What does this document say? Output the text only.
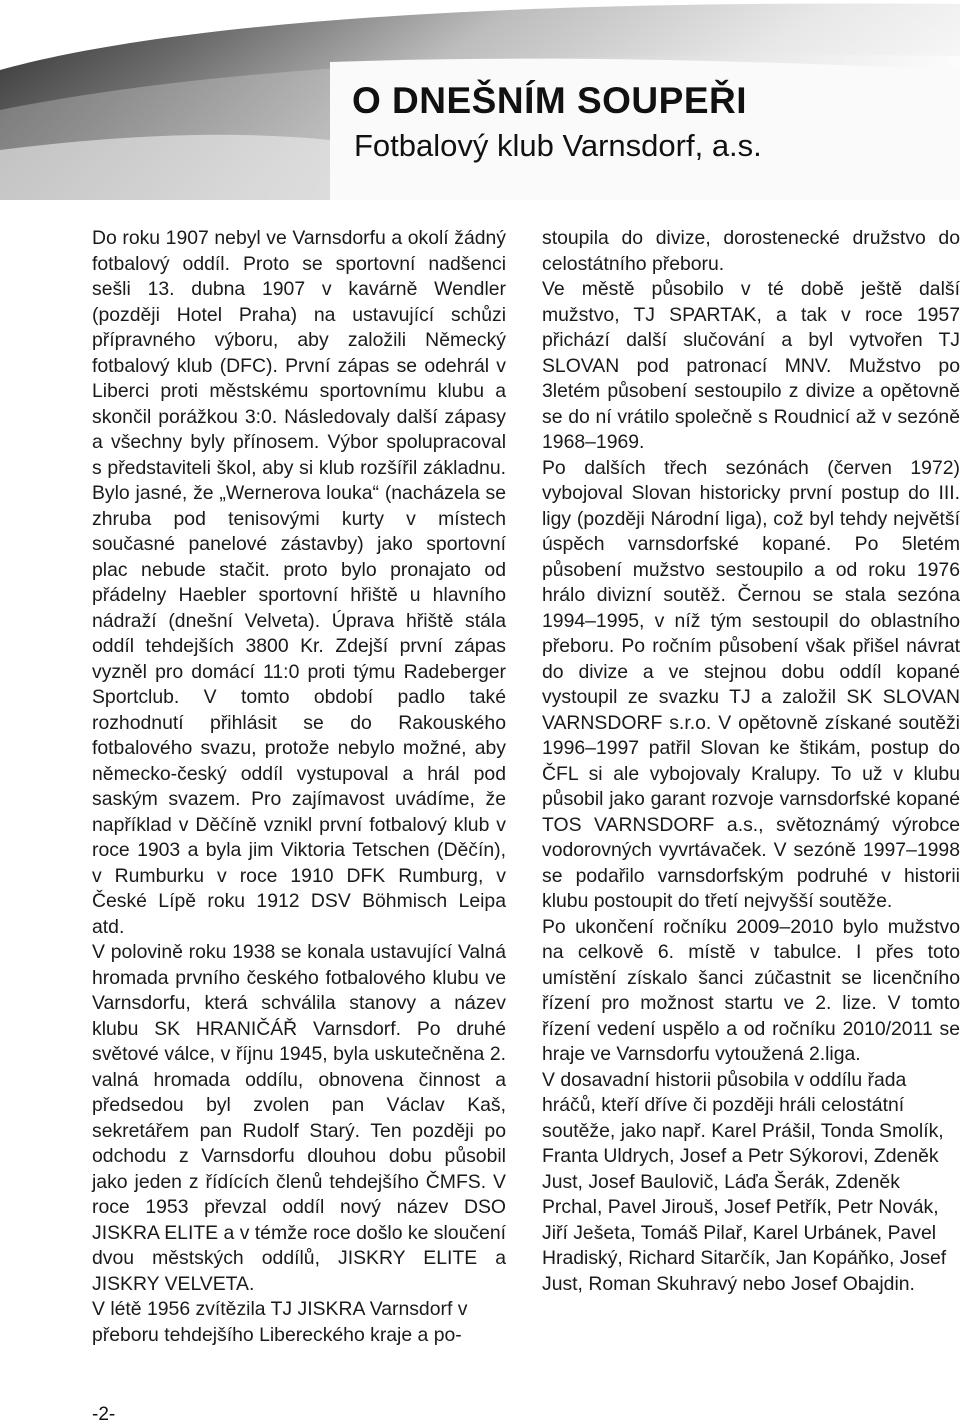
O DNEŠNÍM SOUPEŘI
Fotbalový klub Varnsdorf, a.s.

Do roku 1907 nebyl ve Varnsdorfu a okolí žádný fotbalový oddíl. Proto se sportovní nadšenci sešli 13. dubna 1907 v kavárně Wendler (později Hotel Praha) na ustavující schůzi přípravného výboru, aby založili Německý fotbalový klub (DFC). První zápas se odehrál v Liberci proti městskému sportovnímu klubu a skončil porážkou 3:0. Následovaly další zápasy a všechny byly přínosem. Výbor spolupracoval s představiteli škol, aby si klub rozšířil základnu. Bylo jasné, že „Wernerova louka“ (nacházela se zhruba pod tenisovými kurty v místech současné panelové zástavby) jako sportovní plac nebude stačit. proto bylo pronajato od přádelny Haebler sportovní hřiště u hlavního nádraží (dnešní Velveta). Úprava hřiště stála oddíl tehdejších 3800 Kr. Zdejší první zápas vyzněl pro domácí 11:0 proti týmu Radeberger Sportclub. V tomto období padlo také rozhodnutí přihlásit se do Rakouského fotbalového svazu, protože nebylo možné, aby německo-český oddíl vystupoval a hrál pod saským svazem. Pro zajímavost uvádíme, že například v Děčíně vznikl první fotbalový klub v roce 1903 a byla jim Viktoria Tetschen (Děčín), v Rumburku v roce 1910 DFK Rumburg, v České Lípě roku 1912 DSV Böhmisch Leipa atd.

V polovině roku 1938 se konala ustavující Valná hromada prvního českého fotbalového klubu ve Varnsdorfu, která schválila stanovy a název klubu SK HRANIČÁŘ Varnsdorf. Po druhé světové válce, v říjnu 1945, byla uskutečněna 2. valná hromada oddílu, obnovena činnost a předsedou byl zvolen pan Václav Kaš, sekretářem pan Rudolf Starý. Ten později po odchodu z Varnsdorfu dlouhou dobu působil jako jeden z řídících členů tehdejšího ČMFS. V roce 1953 převzal oddíl nový název DSO JISKRA ELITE a v témže roce došlo ke sloučení dvou městských oddílů, JISKRY ELITE a JISKRY VELVETA.

V létě 1956 zvítězila TJ JISKRA Varnsdorf v přeboru tehdejšího Libereckého kraje a po-

stoupila do divize, dorostenecké družstvo do celostátního přeboru.

Ve městě působilo v té době ještě další mužstvo, TJ SPARTAK, a tak v roce 1957 přichází další slučování a byl vytvořen TJ SLOVAN pod patronací MNV. Mužstvo po 3letém působení sestoupilo z divize a opětovně se do ní vrátilo společně s Roudnicí až v sezóně 1968–1969.

Po dalších třech sezónách (červen 1972) vybojoval Slovan historicky první postup do III. ligy (později Národní liga), což byl tehdy největší úspěch varnsdorfské kopané. Po 5letém působení mužstvo sestoupilo a od roku 1976 hrálo divizní soutěž. Černou se stala sezóna 1994–1995, v níž tým sestoupil do oblastního přeboru. Po ročním působení však přišel návrat do divize a ve stejnou dobu oddíl kopané vystoupil ze svazku TJ a založil SK SLOVAN VARNSDORF s.r.o. V opětovně získané soutěži 1996–1997 patřil Slovan ke štikám, postup do ČFL si ale vybojovaly Kralupy. To už v klubu působil jako garant rozvoje varnsdorfské kopané TOS VARNSDORF a.s., světoznámý výrobce vodorovných vyvrtávaček. V sezóně 1997–1998 se podařilo varnsdorfským podruhé v historii klubu postoupit do třetí nejvyšší soutěže.

Po ukončení ročníku 2009–2010 bylo mužstvo na celkově 6. místě v tabulce. I přes toto umístění získalo šanci zúčastnit se licenčního řízení pro možnost startu ve 2. lize. V tomto řízení vedení uspělo a od ročníku 2010/2011 se hraje ve Varnsdorfu vytoužená 2.liga.

V dosavadní historii působila v oddílu řada hráčů, kteří dříve či později hráli celostátní soutěže, jako např. Karel Prášil, Tonda Smolík, Franta Uldrych, Josef a Petr Sýkorovi, Zdeněk Just, Josef Baulovič, Láďa Šerák, Zdeněk Prchal, Pavel Jirouš, Josef Petřík, Petr Novák, Jiří Ješeta, Tomáš Pilař, Karel Urbánek, Pavel Hradiský, Richard Sitarčík, Jan Kopáňko, Josef Just, Roman Skuhravý nebo Josef Obajdin.

-2-
